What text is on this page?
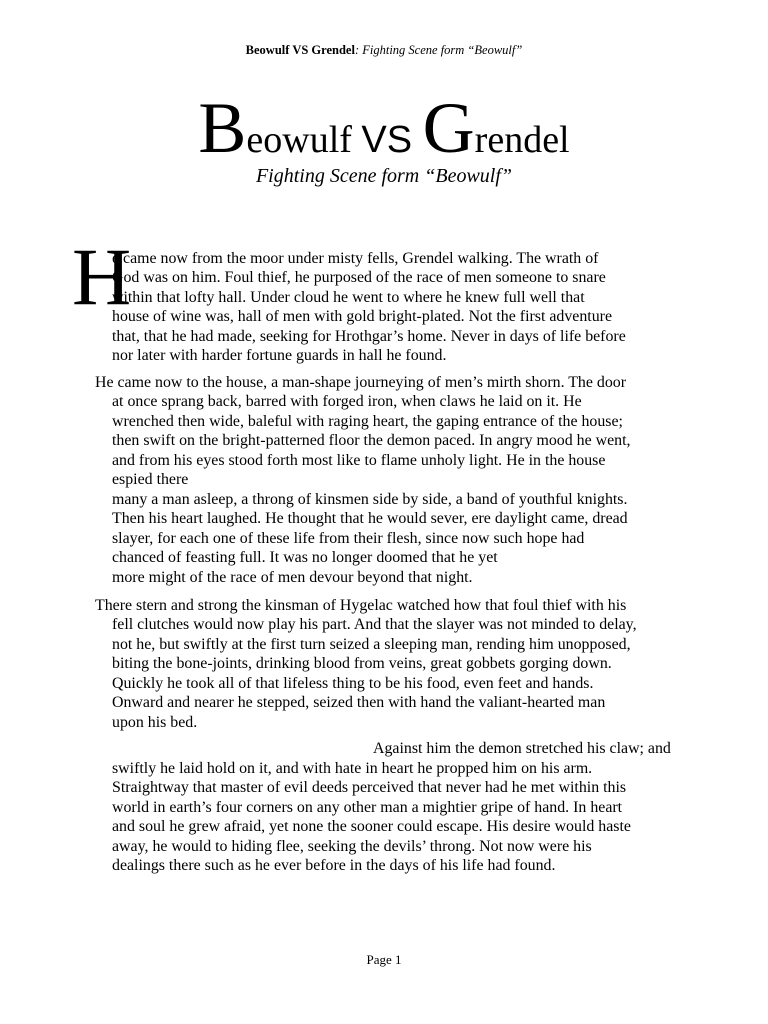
Beowulf VS Grendel: Fighting Scene form “Beowulf”
Beowulf VS Grendel
Fighting Scene form “Beowulf”
H
e came now from the moor under misty fells, Grendel walking. The wrath of
God was on him. Foul thief, he purposed of the race of men someone to snare
within that lofty hall. Under cloud he went to where he knew full well that
house of wine was, hall of men with gold bright-plated. Not the first adventure
that, that he had made, seeking for Hrothgar’s home. Never in days of life before
nor later with harder fortune guards in hall he found.
He came now to the house, a man-shape journeying of men’s mirth shorn. The door
at once sprang back, barred with forged iron, when claws he laid on it. He
wrenched then wide, baleful with raging heart, the gaping entrance of the house;
then swift on the bright-patterned floor the demon paced. In angry mood he went,
and from his eyes stood forth most like to flame unholy light. He in the house
espied there
many a man asleep, a throng of kinsmen side by side, a band of youthful knights.
Then his heart laughed. He thought that he would sever, ere daylight came, dread
slayer, for each one of these life from their flesh, since now such hope had
chanced of feasting full. It was no longer doomed that he yet
more might of the race of men devour beyond that night.
There stern and strong the kinsman of Hygelac watched how that foul thief with his
fell clutches would now play his part. And that the slayer was not minded to delay,
not he, but swiftly at the first turn seized a sleeping man, rending him unopposed,
biting the bone-joints, drinking blood from veins, great gobbets gorging down.
Quickly he took all of that lifeless thing to be his food, even feet and hands.
Onward and nearer he stepped, seized then with hand the valiant-hearted man
upon his bed.
Against him the demon stretched his claw; and
swiftly he laid hold on it, and with hate in heart he propped him on his arm.
Straightway that master of evil deeds perceived that never had he met within this
world in earth’s four corners on any other man a mightier gripe of hand. In heart
and soul he grew afraid, yet none the sooner could escape. His desire would haste
away, he would to hiding flee, seeking the devils’ throng. Not now were his
dealings there such as he ever before in the days of his life had found.
Page 1
